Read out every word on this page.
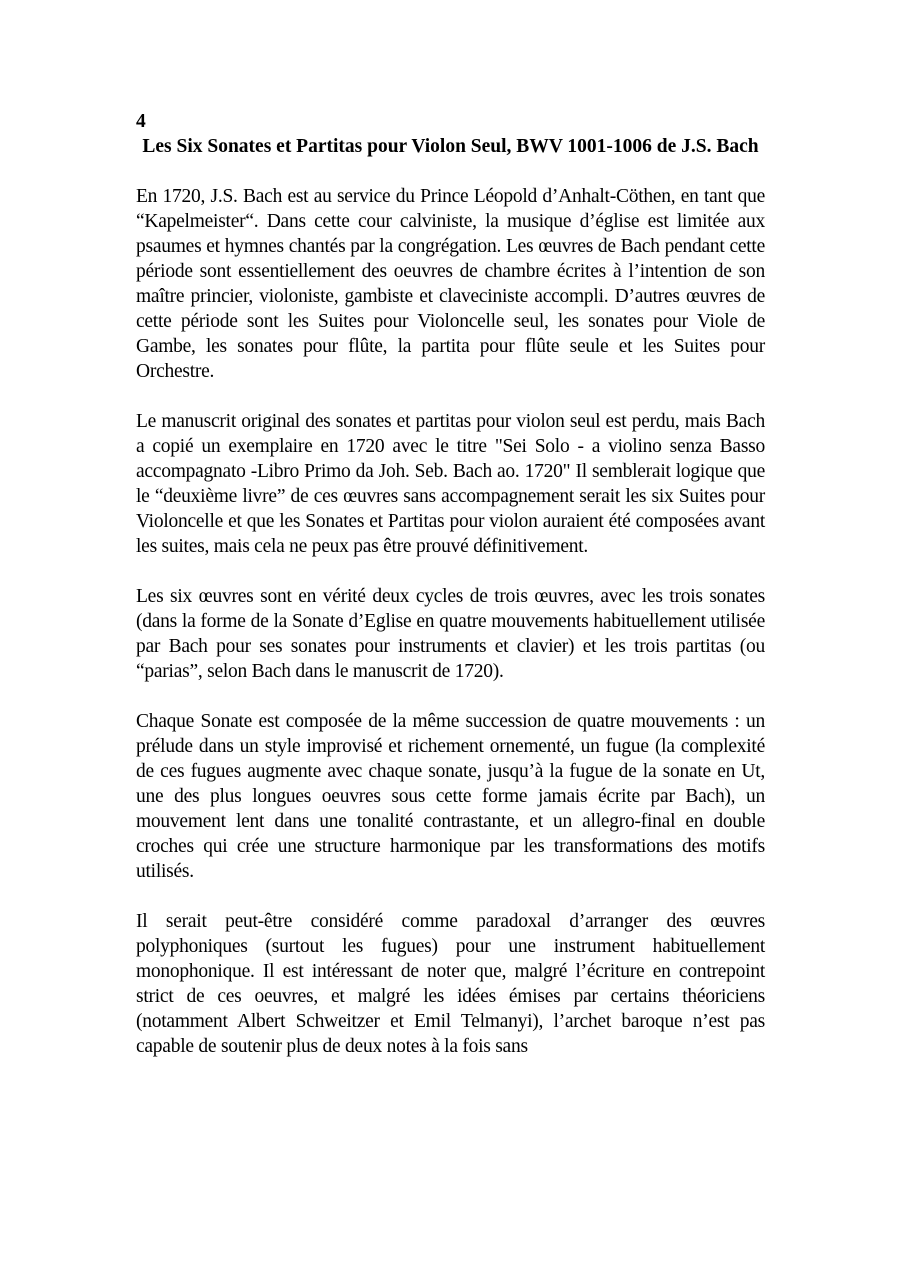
4

Les Six Sonates et Partitas pour Violon Seul, BWV 1001-1006 de J.S. Bach

En 1720, J.S. Bach est au service du Prince Léopold d’Anhalt-Cöthen, en tant que “Kapelmeister“. Dans cette cour calviniste, la musique d’église est limitée aux psaumes et hymnes chantés par la congrégation. Les œuvres de Bach pendant cette période sont essentiellement des oeuvres de chambre écrites à l’intention de son maître princier, violoniste, gambiste et claveciniste accompli. D’autres œuvres de cette période sont les Suites pour Violoncelle seul, les sonates pour Viole de Gambe, les sonates pour flûte, la partita pour flûte seule et les Suites pour Orchestre.

Le manuscrit original des sonates et partitas pour violon seul est perdu, mais Bach a copié un exemplaire en 1720 avec le titre "Sei Solo - a violino senza Basso accompagnato -Libro Primo da Joh. Seb. Bach ao. 1720" Il semblerait logique que le “deuxième livre” de ces œuvres sans accompagnement serait les six Suites pour Violoncelle et que les Sonates et Partitas pour violon auraient été composées avant les suites, mais cela ne peux pas être prouvé définitivement.

Les six œuvres sont en vérité deux cycles de trois œuvres, avec les trois sonates (dans la forme de la Sonate d’Eglise en quatre mouvements habituellement utilisée par Bach pour ses sonates pour instruments et clavier) et les trois partitas (ou “parias”, selon Bach dans le manuscrit de 1720).

Chaque Sonate est composée de la même succession de quatre mouvements : un prélude dans un style improvisé et richement ornementé, un fugue (la complexité de ces fugues augmente avec chaque sonate, jusqu’à la fugue de la sonate en Ut, une des plus longues oeuvres sous cette forme jamais écrite par Bach), un mouvement lent dans une tonalité contrastante, et un allegro-final en double croches qui crée une structure harmonique par les transformations des motifs utilisés.

Il serait peut-être considéré comme paradoxal d’arranger des œuvres polyphoniques (surtout les fugues) pour une instrument habituellement monophonique. Il est intéressant de noter que, malgré l’écriture en contrepoint strict de ces oeuvres, et malgré les idées émises par certains théoriciens (notamment Albert Schweitzer et Emil Telmanyi), l’archet baroque n’est pas capable de soutenir plus de deux notes à la fois sans
